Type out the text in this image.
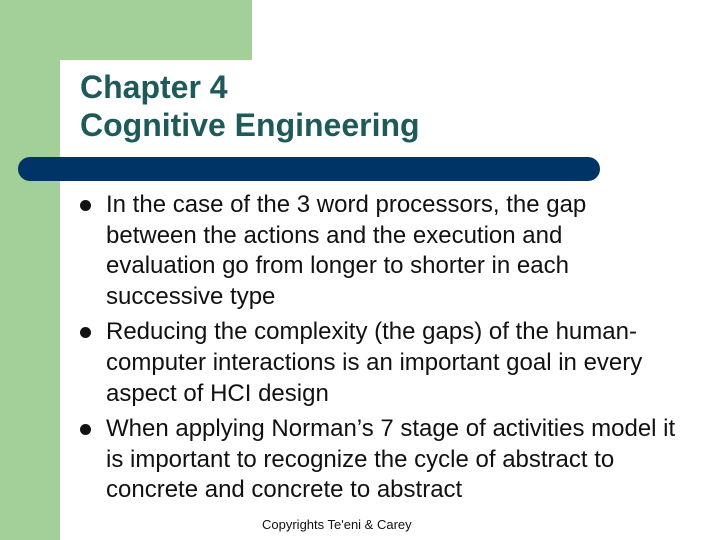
Chapter 4
Cognitive Engineering
In the case of the 3 word processors, the gap between the actions and the execution and evaluation go from longer to shorter in each successive type
Reducing the complexity (the gaps) of the human-computer interactions is an important goal in every aspect of HCI design
When applying Norman’s 7 stage of activities model it is important to recognize the cycle of abstract to concrete and concrete to abstract
Copyrights Te'eni & Carey
